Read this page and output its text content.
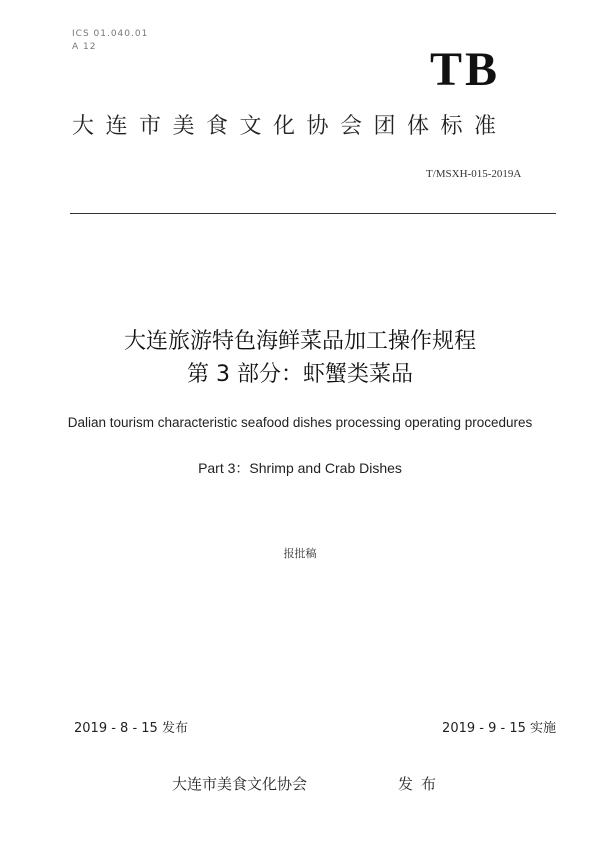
ICS 01.040.01
A 12	TB
大连市美食文化协会团体标准
T/MSXH-015-2019A
大连旅游特色海鲜菜品加工操作规程
第 3 部分：虾蟹类菜品
Dalian tourism characteristic seafood dishes processing operating procedures
Part 3：Shrimp and Crab Dishes
报批稿
2019 - 8 - 15 发布	2019 - 9 - 15 实施
大连市美食文化协会	发布
